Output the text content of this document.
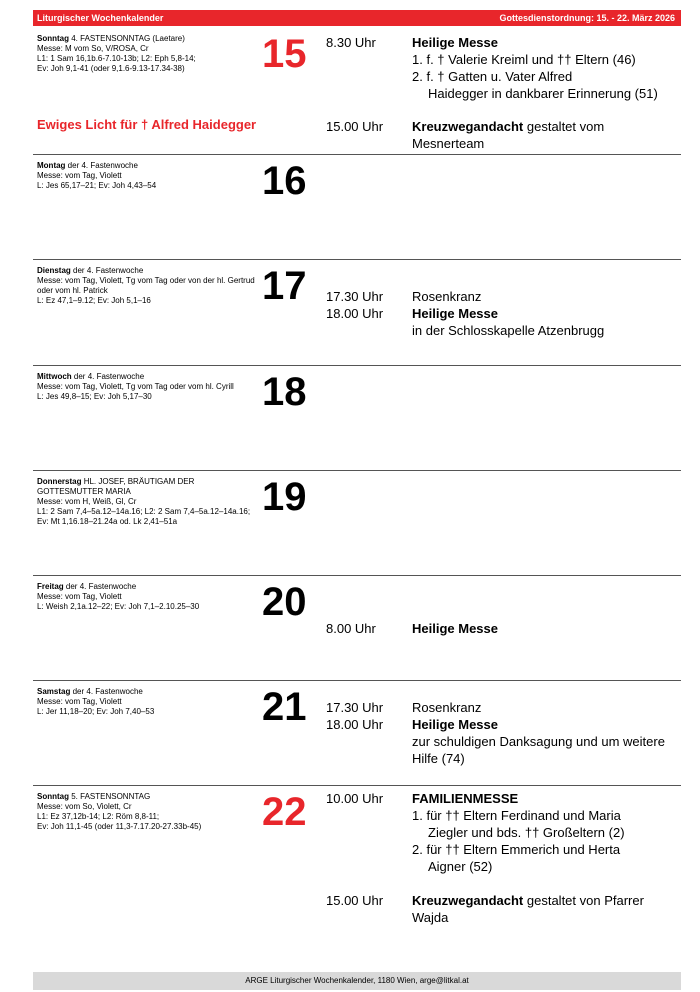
Liturgischer Wochenkalender	Gottesdienstordnung: 15. - 22. März 2026
Sonntag 4. FASTENSONNTAG (Laetare)
Messe: M vom So, V/ROSA, Cr
L1: 1 Sam 16,1b.6-7.10-13b; L2: Eph 5,8-14;
Ev: Joh 9,1-41 (oder 9,1.6-9.13-17.34-38)
Ewiges Licht für † Alfred Haidegger
15	8.30 Uhr	Heilige Messe
1. f. † Valerie Kreiml und †† Eltern (46)
2. f. † Gatten u. Vater Alfred
Haidegger in dankbarer Erinnerung (51)
15.00 Uhr	Kreuzwegandacht gestaltet vom Mesnerteam
Montag der 4. Fastenwoche
Messe: vom Tag, Violett
L: Jes 65,17–21; Ev: Joh 4,43–54	16
Dienstag der 4. Fastenwoche
Messe: vom Tag, Violett, Tg vom Tag oder von der hl. Gertrud oder vom hl. Patrick
L: Ez 47,1–9.12; Ev: Joh 5,1–16	17	17.30 Uhr	Rosenkranz
18.00 Uhr	Heilige Messe
in der Schlosskapelle Atzenbrugg
Mittwoch der 4. Fastenwoche
Messe: vom Tag, Violett, Tg vom Tag oder vom hl. Cyrill
L: Jes 49,8–15; Ev: Joh 5,17–30	18
Donnerstag HL. JOSEF, BRÄUTIGAM DER GOTTESMUTTER MARIA
Messe: vom H, Weiß, Gl, Cr
L1: 2 Sam 7,4–5a.12–14a.16; L2: 2 Sam 7,4–5a.12–14a.16; Ev: Mt 1,16.18–21.24a od. Lk 2,41–51a
19
Freitag der 4. Fastenwoche
Messe: vom Tag, Violett
L: Weish 2,1a.12–22; Ev: Joh 7,1–2.10.25–30	20
8.00 Uhr	Heilige Messe
Samstag der 4. Fastenwoche
Messe: vom Tag, Violett
L: Jer 11,18–20; Ev: Joh 7,40–53	21	17.30 Uhr	Rosenkranz
18.00 Uhr	Heilige Messe
zur schuldigen Danksagung und um weitere Hilfe (74)
Sonntag 5. FASTENSONNTAG
Messe: vom So, Violett, Cr
L1: Ez 37,12b-14; L2: Röm 8,8-11;
Ev: Joh 11,1-45 (oder 11,3-7.17.20-27.33b-45)	22	10.00 Uhr	FAMILIENMESSE
1. für †† Eltern Ferdinand und Maria
Ziegler und bds. †† Großeltern (2)
2. für †† Eltern Emmerich und Herta
Aigner (52)
15.00 Uhr	Kreuzwegandacht gestaltet von Pfarrer Wajda
ARGE Liturgischer Wochenkalender, 1180 Wien, arge@litkal.at
